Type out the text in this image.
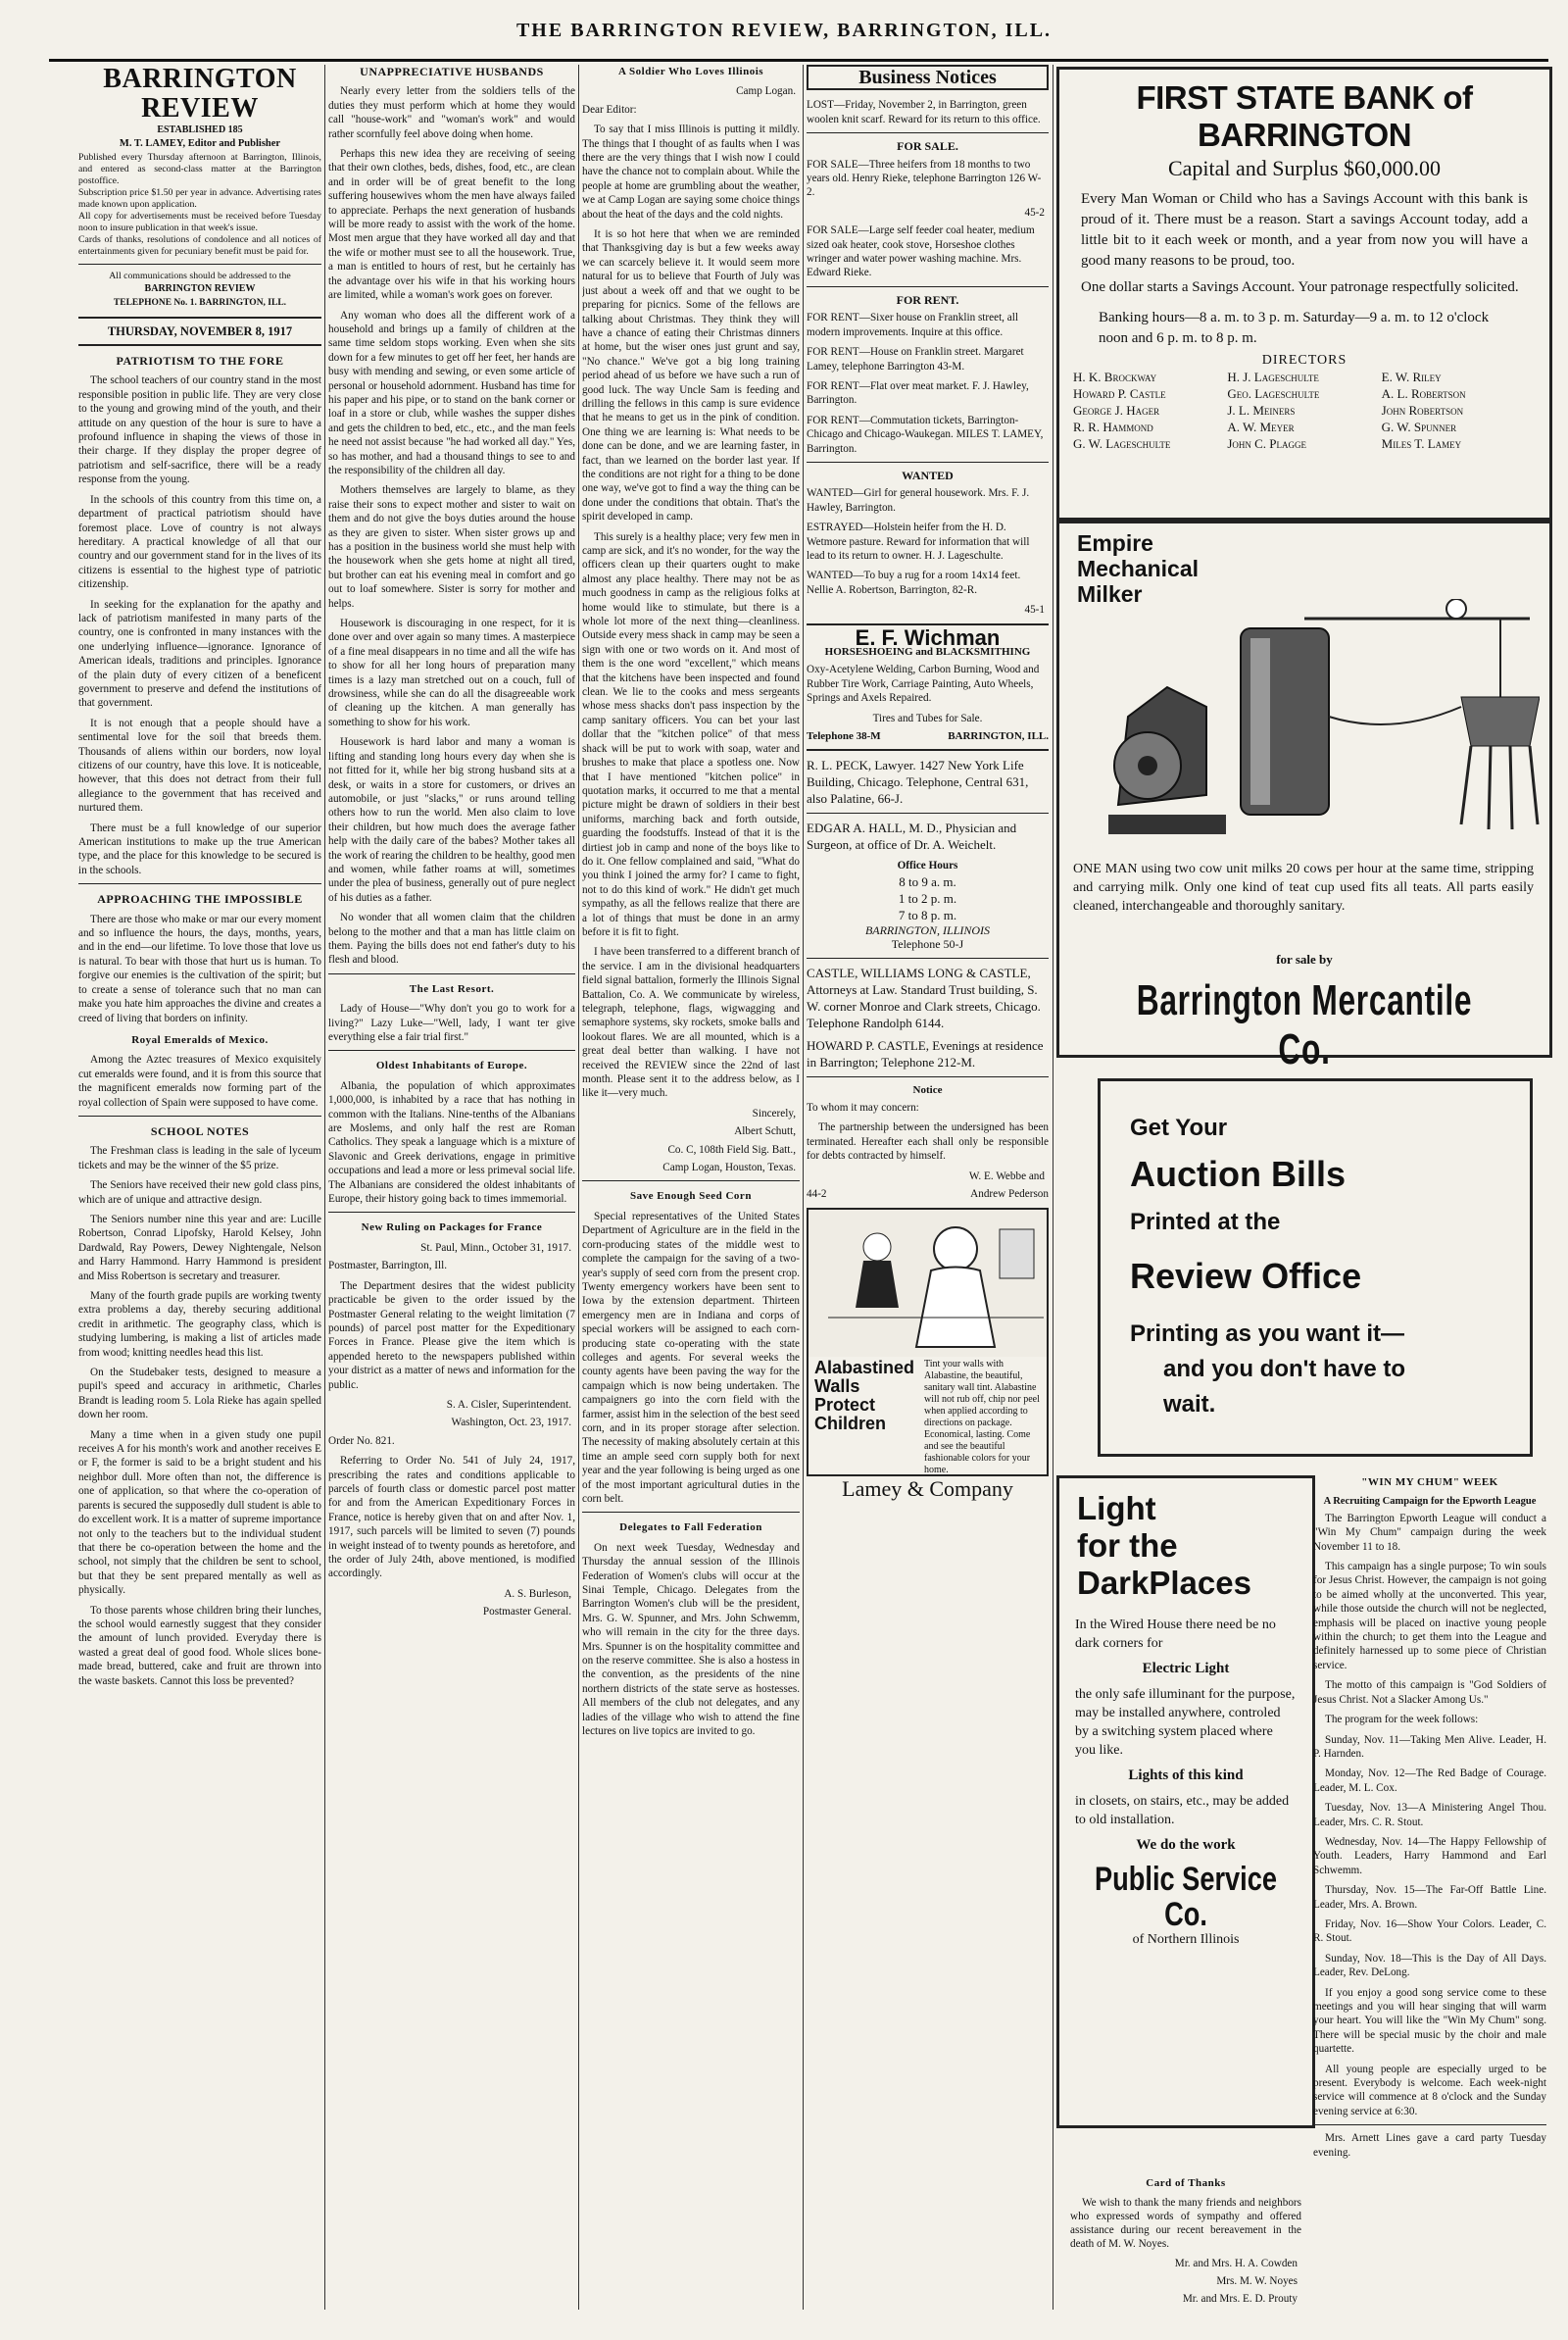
THE BARRINGTON REVIEW, BARRINGTON, ILL.
BARRINGTON REVIEW
ESTABLISHED 185
M. T. LAMEY, Editor and Publisher
Published every Thursday afternoon at Barrington, Illinois, and entered as second-class matter at the Barrington postoffice.
Subscription price $1.50 per year in advance. Advertising rates made known upon application.
All copy for advertisements must be received before Tuesday noon to insure publication in that week's issue.
Cards of thanks, resolutions of condolence and all notices of entertainments given for pecuniary benefit must be paid for.
All communications should be addressed to the
BARRINGTON REVIEW
TELEPHONE No. 1. BARRINGTON, ILL.
THURSDAY, NOVEMBER 8, 1917
PATRIOTISM TO THE FORE

The school teachers of our country stand in the most responsible position in public life. They are very close to the young and growing mind of the youth, and their attitude on any question of the hour is sure to have a profound influence in shaping the views of those in their charge. If they display the proper degree of patriotism and self-sacrifice, there will be a ready response from the young.

In the schools of this country from this time on, a department of practical patriotism should have foremost place. Love of country is not always hereditary. A practical knowledge of all that our country and our government stand for in the lives of its citizens is essential to the highest type of patriotic citizenship.

In seeking for the explanation for the apathy and lack of patriotism manifested in many parts of the country, one is confronted in many instances with the one underlying influence—ignorance. Ignorance of American ideals, traditions and principles. Ignorance of the plain duty of every citizen of a beneficent government to preserve and defend the institutions of that government.

It is not enough that a people should have a sentimental love for the soil that breeds them. Thousands of aliens within our borders, now loyal citizens of our country, have this love. It is noticeable, however, that this does not detract from their full allegiance to the government that has received and nurtured them.

There must be a full knowledge of our superior American institutions to make up the true American type, and the place for this knowledge to be secured is in the schools.

APPROACHING THE IMPOSSIBLE

There are those who make or mar our every moment and so influence the hours, the days, months, years, and in the end—our lifetime. To love those that love us is natural. To bear with those that hurt us is human. To forgive our enemies is the cultivation of the spirit; but to create a sense of tolerance such that no man can make you hate him approaches the divine and creates a creed of living that borders on infinity.

Royal Emeralds of Mexico.

Among the Aztec treasures of Mexico exquisitely cut emeralds were found, and it is from this source that the magnificent emeralds now forming part of the royal collection of Spain were supposed to have come.

SCHOOL NOTES

The Freshman class is leading in the sale of lyceum tickets and may be the winner of the $5 prize.

The Seniors have received their new gold class pins, which are of unique and attractive design.

The Seniors number nine this year and are: Lucille Robertson, Conrad Lipofsky, Harold Kelsey, John Dardwald, Ray Powers, Dewey Nightengale, Nelson and Harry Hammond. Harry Hammond is president and Miss Robertson is secretary and treasurer.

Many of the fourth grade pupils are working twenty extra problems a day, thereby securing additional credit in arithmetic. The geography class, which is studying lumbering, is making a list of articles made from wood; knitting needles head this list.

On the Studebaker tests, designed to measure a pupil's speed and accuracy in arithmetic, Charles Brandt is leading room 5. Lola Rieke has again spelled down her room.

Many a time when in a given study one pupil receives A for his month's work and another receives E or F, the former is said to be a bright student and his neighbor dull. More often than not, the difference is one of application, so that where the co-operation of parents is secured the supposedly dull student is able to do excellent work. It is a matter of supreme importance not only to the teachers but to the individual student that there be co-operation between the home and the school, not simply that the children be sent to school, but that they be sent prepared mentally as well as physically.

To those parents whose children bring their lunches, the school would earnestly suggest that they consider the amount of lunch provided. Everyday there is wasted a great deal of good food. Whole slices bone-made bread, buttered, cake and fruit are thrown into the waste baskets. Cannot this loss be prevented?

UNAPPRECIATIVE HUSBANDS

Nearly every letter from the soldiers tells of the duties they must perform which at home they would call "house-work" and "woman's work" and would rather scornfully feel above doing when home.

Perhaps this new idea they are receiving of seeing that their own clothes, beds, dishes, food, etc., are clean and in order will be of great benefit to the long suffering housewives whom the men have always failed to appreciate. Perhaps the next generation of husbands will be more ready to assist with the work of the home. Most men argue that they have worked all day and that the wife or mother must see to all the housework. True, a man is entitled to hours of rest, but he certainly has the advantage over his wife in that his working hours are limited, while a woman's work goes on forever.

Any woman who does all the different work of a household and brings up a family of children at the same time seldom stops working. Even when she sits down for a few minutes to get off her feet, her hands are busy with mending and sewing, or even some article of personal or household adornment. Husband has time for his paper and his pipe, or to stand on the bank corner or loaf in a store or club, while washes the supper dishes and gets the children to bed, etc., etc., and the man feels he need not assist because "he had worked all day." Yes, so has mother, and had a thousand things to see to and the responsibility of the children all day.

Mothers themselves are largely to blame, as they raise their sons to expect mother and sister to wait on them and do not give the boys duties around the house as they are given to sister. When sister grows up and has a position in the business world she must help with the housework when she gets home at night all tired, but brother can eat his evening meal in comfort and go out to loaf somewhere. Sister is sorry for mother and helps.

Housework is discouraging in one respect, for it is done over and over again so many times. A masterpiece of a fine meal disappears in no time and all the wife has to show for all her long hours of preparation many times is a lazy man stretched out on a couch, full of drowsiness, while she can do all the disagreeable work of cleaning up the kitchen. A man generally has something to show for his work.

Housework is hard labor and many a woman is lifting and standing long hours every day when she is not fitted for it, while her big strong husband sits at a desk, or waits in a store for customers, or drives an automobile, or just "slacks," or runs around telling others how to run the world. Men also claim to love their children, but how much does the average father help with the daily care of the babes? Mother takes all the work of rearing the children to be healthy, good men and women, while father roams at will, sometimes under the plea of business, generally out of pure neglect of his duties as a father.

No wonder that all women claim that the children belong to the mother and that a man has little claim on them. Paying the bills does not end father's duty to his flesh and blood.

The Last Resort.

Lady of House—"Why don't you go to work for a living?" Lazy Luke—"Well, lady, I want ter give everything else a fair trial first."

Oldest Inhabitants of Europe.

Albania, the population of which approximates 1,000,000, is inhabited by a race that has nothing in common with the Italians. Nine-tenths of the Albanians are Moslems, and only half the rest are Roman Catholics. They speak a language which is a mixture of Slavonic and Greek derivations, engage in primitive occupations and lead a more or less primeval social life. The Albanians are considered the oldest inhabitants of Europe, their history going back to times immemorial.

New Ruling on Packages for France
St. Paul, Minn., October 31, 1917.

Postmaster, Barrington, Ill.

The Department desires that the widest publicity practicable be given to the order issued by the Postmaster General relating to the weight limitation (7 pounds) of parcel post matter for the Expeditionary Forces in France. Please give the item which is appended hereto to the newspapers published within your district as a matter of news and information for the public.

S. A. Cisler, Superintendent.
Washington, Oct. 23, 1917.

Order No. 821.

Referring to Order No. 541 of July 24, 1917, prescribing the rates and conditions applicable to parcels of fourth class or domestic parcel post matter for and from the American Expeditionary Forces in France, notice is hereby given that on and after Nov. 1, 1917, such parcels will be limited to seven (7) pounds in weight instead of to twenty pounds as heretofore, and the order of July 24th, above mentioned, is modified accordingly.

A. S. Burleson,
Postmaster General.
A Soldier Who Loves Illinois
Camp Logan.

Dear Editor:

To say that I miss Illinois is putting it mildly. The things that I thought of as faults when I was there are the very things that I wish now I could have the chance not to complain about. While the people at home are grumbling about the weather, we at Camp Logan are saying some choice things about the heat of the days and the cold nights.

It is so hot here that when we are reminded that Thanksgiving day is but a few weeks away we can scarcely believe it. It would seem more natural for us to believe that Fourth of July was just about a week off and that we ought to be preparing for picnics. Some of the fellows are talking about Christmas. They think they will have a chance of eating their Christmas dinners at home, but the wiser ones just grunt and say, "No chance." We've got a big long training period ahead of us before we have such a run of good luck. The way Uncle Sam is feeding and drilling the fellows in this camp is sure evidence that he means to get us in the pink of condition. One thing we are learning is: What needs to be done can be done, and we are learning faster, in fact, than we learned on the border last year. If the conditions are not right for a thing to be done one way, we've got to find a way the thing can be done under the conditions that obtain. That's the spirit developed in camp.

This surely is a healthy place; very few men in camp are sick, and it's no wonder, for the way the officers clean up their quarters ought to make almost any place healthy. There may not be as much goodness in camp as the religious folks at home would like to stimulate, but there is a whole lot more of the next thing—cleanliness. Outside every mess shack in camp may be seen a sign with one or two words on it. And most of them is the one word "excellent," which means that the kitchens have been inspected and found clean. We lie to the cooks and mess sergeants whose mess shacks don't pass inspection by the camp sanitary officers. You can bet your last dollar that the "kitchen police" of that mess shack will be put to work with soap, water and brushes to make that place a spotless one. Now that I have mentioned "kitchen police" in quotation marks, it occurred to me that a mental picture might be drawn of soldiers in their best uniforms, marching back and forth outside, guarding the foodstuffs. Instead of that it is the dirtiest job in camp and none of the boys like to do it. One fellow complained and said, "What do you think I joined the army for? I came to fight, not to do this kind of work." He didn't get much sympathy, as all the fellows realize that there are a lot of things that must be done in an army before it is fit to fight.

I have been transferred to a different branch of the service. I am in the divisional headquarters field signal battalion, formerly the Illinois Signal Battalion, Co. A. We communicate by wireless, telegraph, telephone, flags, wigwagging and semaphore systems, sky rockets, smoke balls and lookout flares. We are all mounted, which is a great deal better than walking. I have not received the REVIEW since the 22nd of last month. Please sent it to the address below, as I like it—very much.

Sincerely,
Albert Schutt,
Co. C, 108th Field Sig. Batt.,
Camp Logan, Houston, Texas.
Save Enough Seed Corn

Special representatives of the United States Department of Agriculture are in the field in the corn-producing states of the middle west to complete the campaign for the saving of a two-year's supply of seed corn from the present crop. Twenty emergency workers have been sent to Iowa by the extension department. Thirteen emergency men are in Indiana and corps of special workers will be assigned to each corn-producing state co-operating with the state colleges and agents. For several weeks the county agents have been paving the way for the campaign which is now being undertaken. The campaigners go into the corn field with the farmer, assist him in the selection of the best seed corn, and in its proper storage after selection. The necessity of making absolutely certain at this time an ample seed corn supply both for next year and the year following is being urged as one of the most important agricultural duties in the corn belt.

Delegates to Fall Federation

On next week Tuesday, Wednesday and Thursday the annual session of the Illinois Federation of Women's clubs will occur at the Sinai Temple, Chicago. Delegates from the Barrington Women's club will be the president, Mrs. G. W. Spunner, and Mrs. John Schwemm, who will remain in the city for the three days. Mrs. Spunner is on the hospitality committee and on the reserve committee. She is also a hostess in the convention, as the presidents of the nine northern districts of the state serve as hostesses. All members of the club not delegates, and any ladies of the village who wish to attend the fine lectures on live topics are invited to go.

Business Notices

LOST—Friday, November 2, in Barrington, green woolen knit scarf. Reward for its return to this office.

FOR SALE.

FOR SALE—Three heifers from 18 months to two years old. Henry Rieke, telephone Barrington 126 W-2.

45-2

FOR SALE—Large self feeder coal heater, medium sized oak heater, cook stove, Horseshoe clothes wringer and water power washing machine. Mrs. Edward Rieke.

FOR RENT.

FOR RENT—Sixer house on Franklin street, all modern improvements. Inquire at this office.

FOR RENT—House on Franklin street. Margaret Lamey, telephone Barrington 43-M.

FOR RENT—Flat over meat market. F. J. Hawley, Barrington.

FOR RENT—Commutation tickets, Barrington-Chicago and Chicago-Waukegan. MILES T. LAMEY, Barrington.

WANTED

WANTED—Girl for general housework. Mrs. F. J. Hawley, Barrington.

ESTRAYED—Holstein heifer from the H. D. Wetmore pasture. Reward for information that will lead to its return to owner. H. J. Lageschulte.

WANTED—To buy a rug for a room 14x14 feet. Nellie A. Robertson, Barrington, 82-R.

45-1
E. F. Wichman
HORSESHOEING and BLACKSMITHING

Oxy-Acetylene Welding, Carbon Burning, Wood and Rubber Tire Work, Carriage Painting, Auto Wheels, Springs and Axels Repaired.

Tires and Tubes for Sale.
Telephone 38-M	BARRINGTON, ILL.

R. L. PECK, Lawyer. 1427 New York Life Building, Chicago. Telephone, Central 631, also Palatine, 66-J.

EDGAR A. HALL, M. D., Physician and Surgeon, at office of Dr. A. Weichelt.

Office Hours
8 to 9 a. m.
1 to 2 p. m.
7 to 8 p. m.
BARRINGTON, ILLINOIS
Telephone 50-J

CASTLE, WILLIAMS LONG & CASTLE, Attorneys at Law. Standard Trust building, S. W. corner Monroe and Clark streets, Chicago. Telephone Randolph 6144.

HOWARD P. CASTLE, Evenings at residence in Barrington; Telephone 212-M.

Notice

To whom it may concern:

The partnership between the undersigned has been terminated. Hereafter each shall only be responsible for debts contracted by himself.

W. E. Webbe and
44-2	Andrew Pederson
Alabastined Walls Protect Children
Tint your walls with Alabastine, the beautiful, sanitary wall tint. Alabastine will not rub off, chip nor peel when applied according to directions on package. Economical, lasting. Come and see the beautiful fashionable colors for your home.
Lamey & Company
FIRST STATE BANK of BARRINGTON
Capital and Surplus $60,000.00
Every Man Woman or Child who has a Savings Account with this bank is proud of it. There must be a reason. Start a savings Account today, add a little bit to it each week or month, and a year from now you will have a good many reasons to be proud, too.
One dollar starts a Savings Account. Your patronage respectfully solicited.
Banking hours—8 a. m. to 3 p. m. Saturday—9 a. m. to 12 o'clock noon and 6 p. m. to 8 p. m.
DIRECTORS
H. K. Brockway	H. J. Lageschulte	E. W. Riley
Howard P. Castle	Geo. Lageschulte	A. L. Robertson
George J. Hager	J. L. Meiners	John Robertson
R. R. Hammond	A. W. Meyer	G. W. Spunner
G. W. Lageschulte	John C. Plagge	Miles T. Lamey
Empire Mechanical Milker
ONE MAN using two cow unit milks 20 cows per hour at the same time, stripping and carrying milk. Only one kind of teat cup used fits all teats. All parts easily cleaned, interchangeable and thoroughly sanitary.
for sale by
Barrington Mercantile Co.
Get Your
Auction Bills
Printed at the
Review Office
Printing as you want it—
and you don't have to
wait.
Light
for the
DarkPlaces
In the Wired House there need be no dark corners for
Electric Light
the only safe illuminant for the purpose, may be installed anywhere, controled by a switching system placed where you like.
Lights of this kind
in closets, on stairs, etc., may be added to old installation.
We do the work
Public Service
Co.
of Northern Illinois
"WIN MY CHUM" WEEK
A Recruiting Campaign for the Epworth League

The Barrington Epworth League will conduct a "Win My Chum" campaign during the week November 11 to 18.

This campaign has a single purpose; To win souls for Jesus Christ. However, the campaign is not going to be aimed wholly at the unconverted. This year, while those outside the church will not be neglected, emphasis will be placed on inactive young people within the church; to get them into the League and definitely harnessed up to some piece of Christian service.

The motto of this campaign is "God Soldiers of Jesus Christ. Not a Slacker Among Us."

The program for the week follows:

Sunday, Nov. 11—Taking Men Alive. Leader, H. P. Harnden.

Monday, Nov. 12—The Red Badge of Courage. Leader, M. L. Cox.

Tuesday, Nov. 13—A Ministering Angel Thou. Leader, Mrs. C. R. Stout.

Wednesday, Nov. 14—The Happy Fellowship of Youth. Leaders, Harry Hammond and Earl Schwemm.

Thursday, Nov. 15—The Far-Off Battle Line. Leader, Mrs. A. Brown.

Friday, Nov. 16—Show Your Colors. Leader, C. R. Stout.

Sunday, Nov. 18—This is the Day of All Days. Leader, Rev. DeLong.

If you enjoy a good song service come to these meetings and you will hear singing that will warm your heart. You will like the "Win My Chum" song. There will be special music by the choir and male quartette.

All young people are especially urged to be present. Everybody is welcome. Each week-night service will commence at 8 o'clock and the Sunday evening service at 6:30.

Mrs. Arnett Lines gave a card party Tuesday evening.

Card of Thanks

We wish to thank the many friends and neighbors who expressed words of sympathy and offered assistance during our recent bereavement in the death of M. W. Noyes.

Mr. and Mrs. H. A. Cowden
Mrs. M. W. Noyes
Mr. and Mrs. E. D. Prouty
